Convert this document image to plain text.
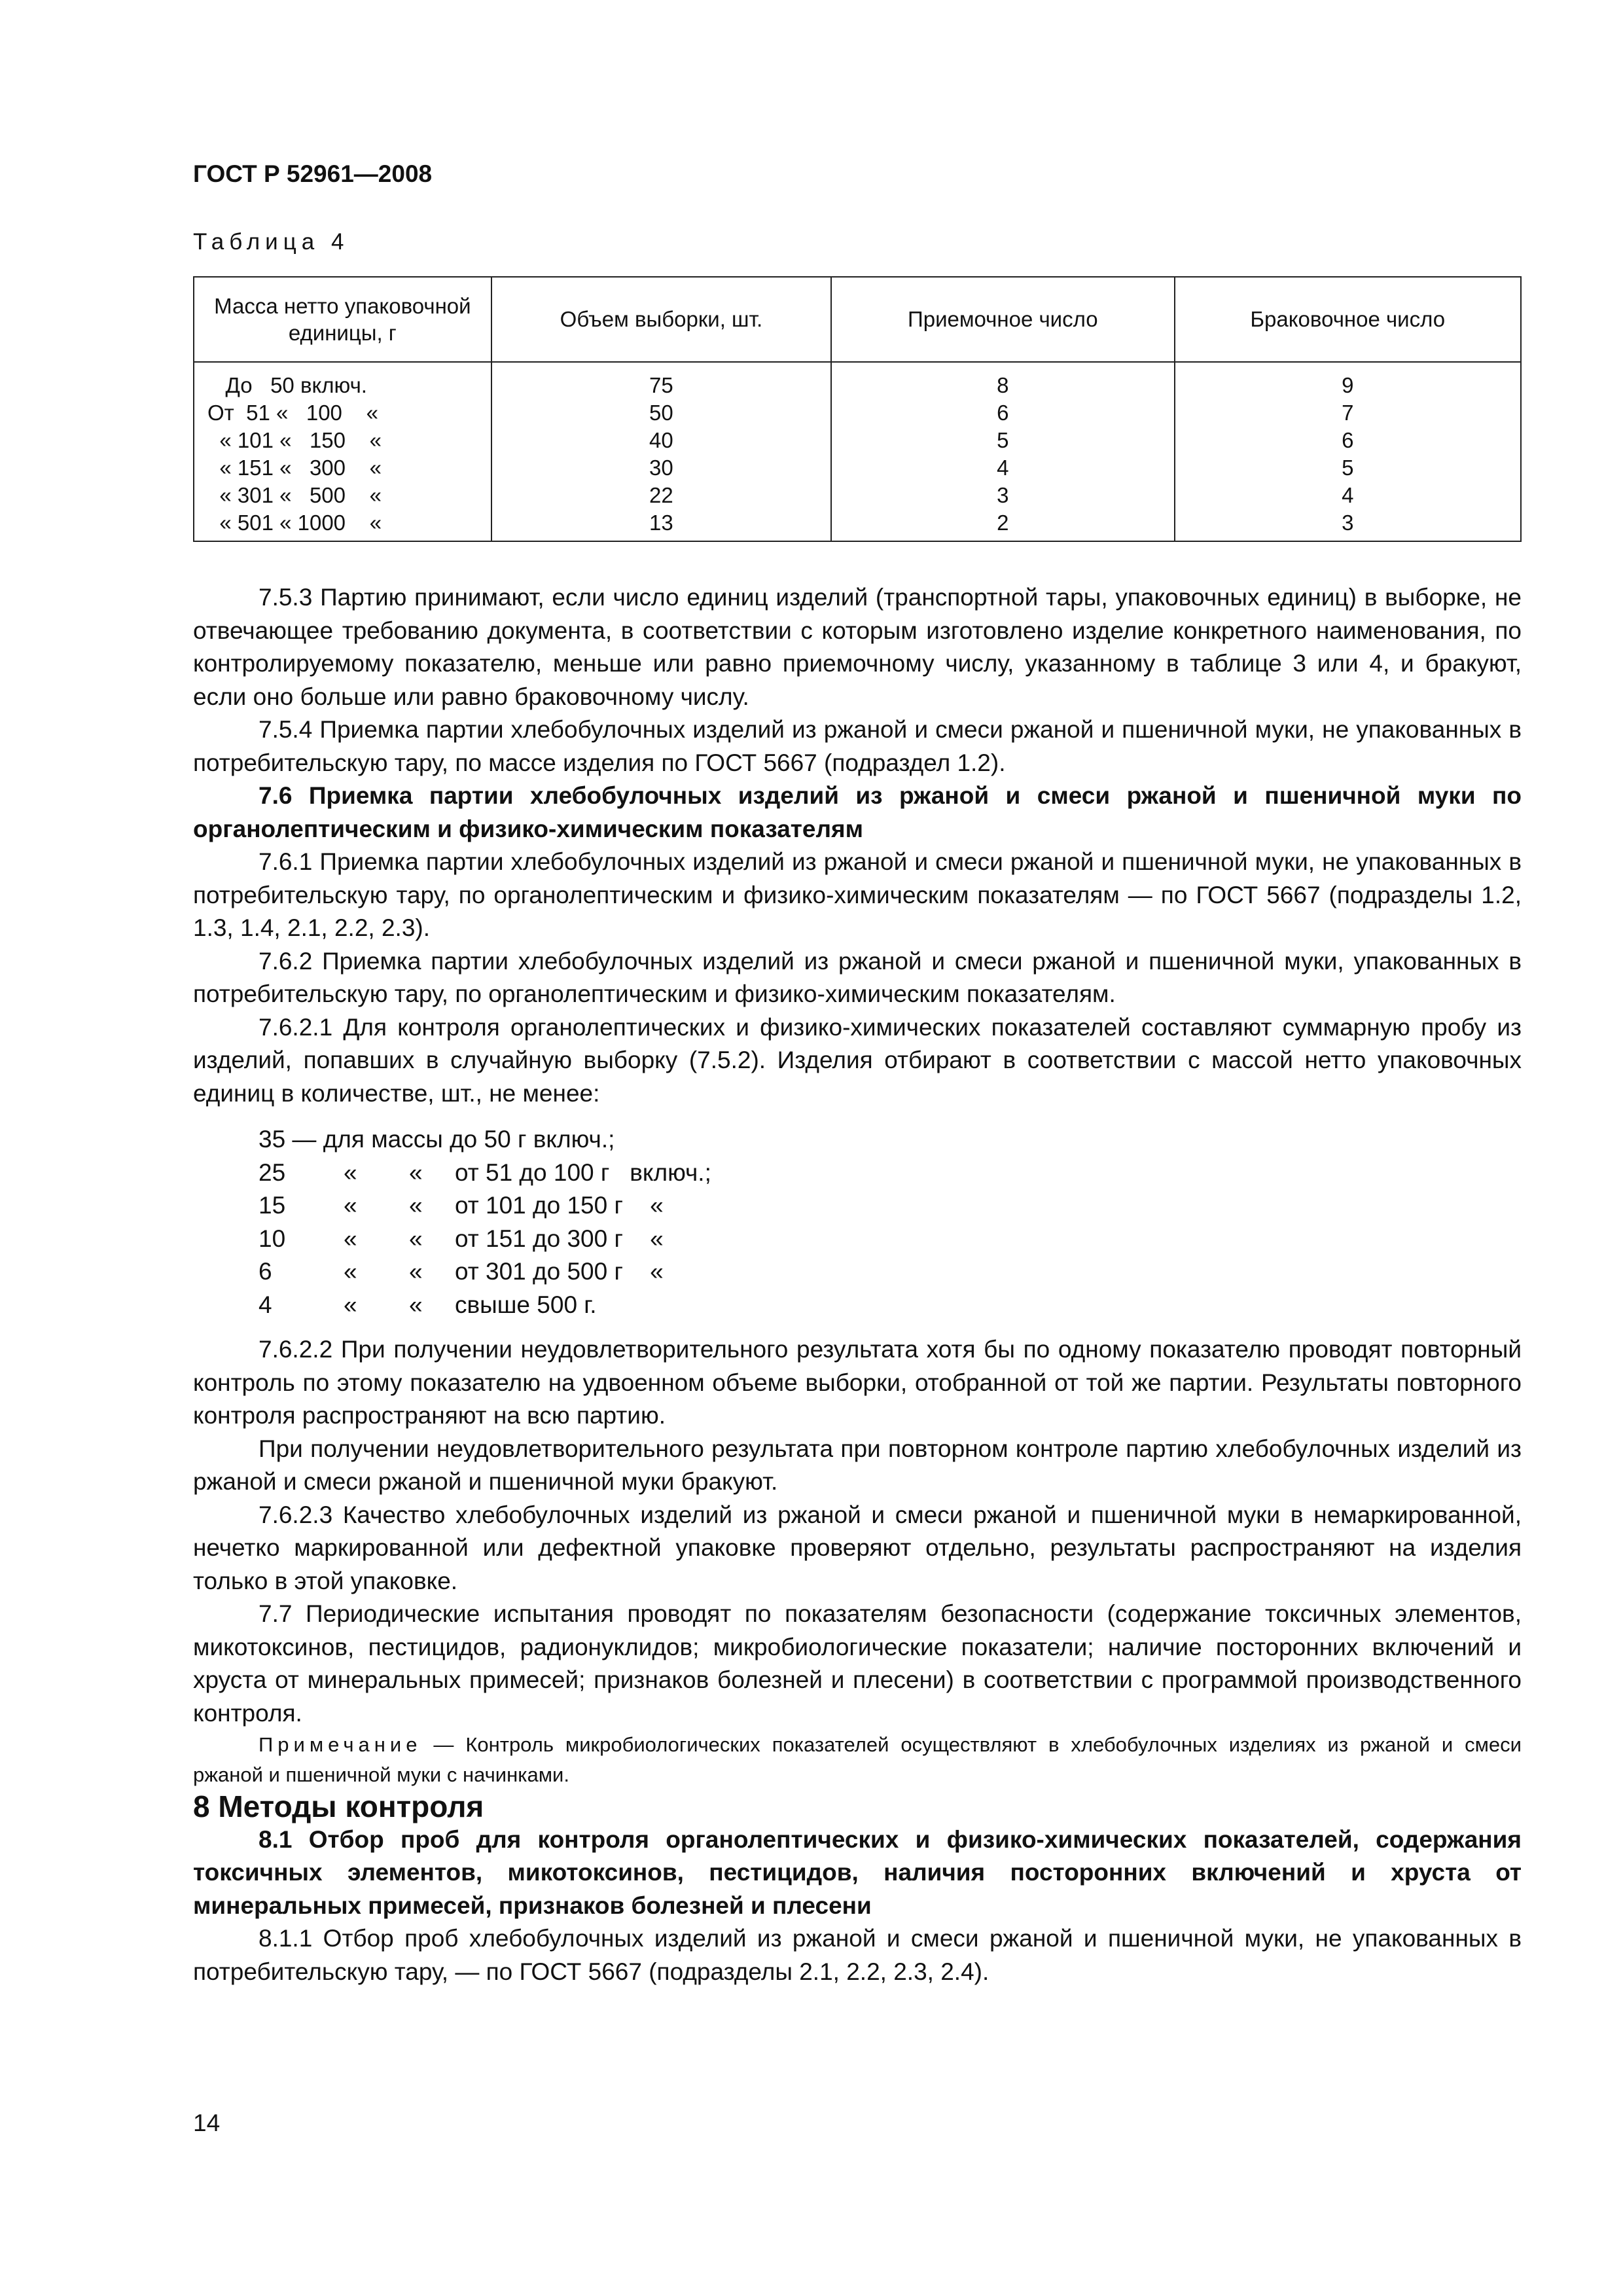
ГОСТ Р 52961—2008
Таблица 4
Масса нетто упаковочной единицы, г	Объем выборки, шт.	Приемочное число	Браковочное число
До   50 включ.	75	8	9
От  51 «   100    «	50	6	7
« 101 «   150    «	40	5	6
« 151 «   300    «	30	4	5
« 301 «   500    «	22	3	4
« 501 « 1000    «	13	2	3

7.5.3 Партию принимают, если число единиц изделий (транспортной тары, упаковочных единиц) в выборке, не отвечающее требованию документа, в соответствии с которым изготовлено изделие конкретного наименования, по контролируемому показателю, меньше или равно приемочному числу, указанному в таблице 3 или 4, и бракуют, если оно больше или равно браковочному числу.

7.5.4 Приемка партии хлебобулочных изделий из ржаной и смеси ржаной и пшеничной муки, не упакованных в потребительскую тару, по массе изделия по ГОСТ 5667 (подраздел 1.2).

7.6 Приемка партии хлебобулочных изделий из ржаной и смеси ржаной и пшеничной муки по органолептическим и физико-химическим показателям

7.6.1 Приемка партии хлебобулочных изделий из ржаной и смеси ржаной и пшеничной муки, не упакованных в потребительскую тару, по органолептическим и физико-химическим показателям — по ГОСТ 5667 (подразделы 1.2, 1.3, 1.4, 2.1, 2.2, 2.3).

7.6.2 Приемка партии хлебобулочных изделий из ржаной и смеси ржаной и пшеничной муки, упакованных в потребительскую тару, по органолептическим и физико-химическим показателям.

7.6.2.1 Для контроля органолептических и физико-химических показателей составляют суммарную пробу из изделий, попавших в случайную выборку (7.5.2). Изделия отбирают в соответствии с массой нетто упаковочных единиц в количестве, шт., не менее:

35 — для массы до 50 г включ.;
25	«	«	от 51 до 100 г   включ.;
15	«	«	от 101 до 150 г    «
10	«	«	от 151 до 300 г    «
6	«	«	от 301 до 500 г    «
4	«	«	свыше 500 г.

7.6.2.2 При получении неудовлетворительного результата хотя бы по одному показателю проводят повторный контроль по этому показателю на удвоенном объеме выборки, отобранной от той же партии. Результаты повторного контроля распространяют на всю партию.

При получении неудовлетворительного результата при повторном контроле партию хлебобулочных изделий из ржаной и смеси ржаной и пшеничной муки бракуют.

7.6.2.3 Качество хлебобулочных изделий из ржаной и смеси ржаной и пшеничной муки в немаркированной, нечетко маркированной или дефектной упаковке проверяют отдельно, результаты распространяют на изделия только в этой упаковке.

7.7 Периодические испытания проводят по показателям безопасности (содержание токсичных элементов, микотоксинов, пестицидов, радионуклидов; микробиологические показатели; наличие посторонних включений и хруста от минеральных примесей; признаков болезней и плесени) в соответствии с программой производственного контроля.

Примечание — Контроль микробиологических показателей осуществляют в хлебобулочных изделиях из ржаной и смеси ржаной и пшеничной муки с начинками.

8 Методы контроля

8.1 Отбор проб для контроля органолептических и физико-химических показателей, содержания токсичных элементов, микотоксинов, пестицидов, наличия посторонних включений и хруста от минеральных примесей, признаков болезней и плесени

8.1.1 Отбор проб хлебобулочных изделий из ржаной и смеси ржаной и пшеничной муки, не упакованных в потребительскую тару, — по ГОСТ 5667 (подразделы 2.1, 2.2, 2.3, 2.4).

14
